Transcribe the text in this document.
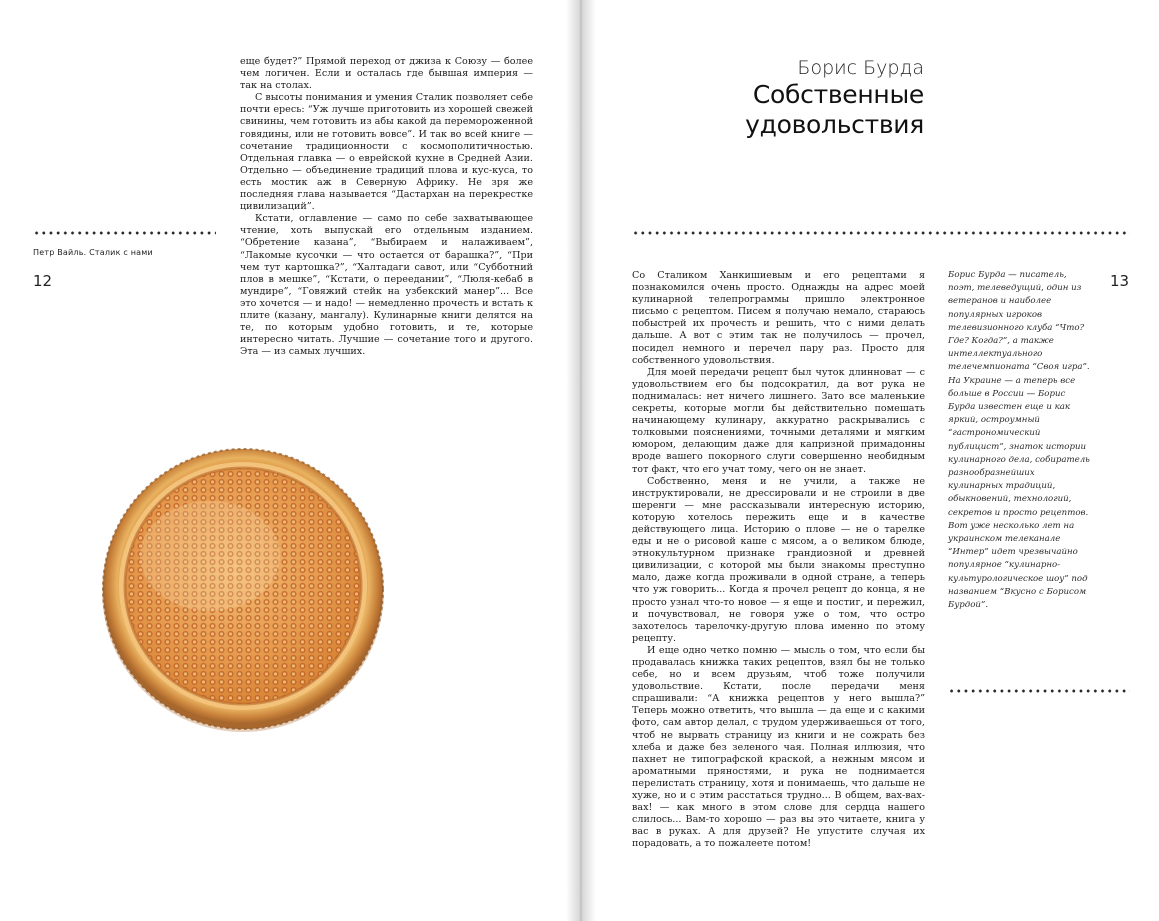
еще будет?” Прямой переход от джиза к Союзу — более чем логичен. Если и осталась где бывшая империя — так на столах.

С высоты понимания и умения Сталик позволяет себе почти ересь: “Уж лучше приготовить из хорошей свежей свинины, чем готовить из абы какой да перемороженной говядины, или не готовить вовсе”. И так во всей книге — сочетание традиционности с космополитичностью. Отдельная главка — о еврейской кухне в Средней Азии. Отдельно — объединение традиций плова и кус-куса, то есть мостик аж в Северную Африку. Не зря же последняя глава называется “Дастархан на перекрестке цивилизаций”.

Кстати, оглавление — само по себе захватывающее чтение, хоть выпускай его отдельным изданием. “Обретение казана”, “Выбираем и налаживаем”, “Лакомые кусочки — что остается от барашка?”, “При чем тут картошка?”, “Халтадаги савот, или “Субботний плов в мешке”, “Кстати, о переедании”, “Люля-кебаб в мундире”, “Говяжий стейк на узбекский манер”... Все это хочется — и надо! — немедленно прочесть и встать к плите (казану, мангалу). Кулинарные книги делятся на те, по которым удобно готовить, и те, которые интересно читать. Лучшие — сочетание того и другого. Эта — из самых лучших.

Петр Вайль. Сталик с нами
12
Борис Бурда
Собственные
удовольствия

Со Сталиком Ханкишиевым и его рецептами я познакомился очень просто. Однажды на адрес моей кулинарной телепрограммы пришло электронное письмо с рецептом. Писем я получаю немало, стараюсь побыстрей их прочесть и решить, что с ними делать дальше. А вот с этим так не получилось — прочел, посидел немного и перечел пару раз. Просто для собственного удовольствия.

Для моей передачи рецепт был чуток длинноват — с удовольствием его бы подсократил, да вот рука не поднималась: нет ничего лишнего. Зато все маленькие секреты, которые могли бы действительно помешать начинающему кулинару, аккуратно раскрывались с толковыми пояснениями, точными деталями и мягким юмором, делающим даже для капризной примадонны вроде вашего покорного слуги совершенно необидным тот факт, что его учат тому, чего он не знает.

Собственно, меня и не учили, а также не инструктировали, не дрессировали и не строили в две шеренги — мне рассказывали интересную историю, которую хотелось пережить еще и в качестве действующего лица. Историю о плове — не о тарелке еды и не о рисовой каше с мясом, а о великом блюде, этнокультурном признаке грандиозной и древней цивилизации, с которой мы были знакомы преступно мало, даже когда проживали в одной стране, а теперь что уж говорить... Когда я прочел рецепт до конца, я не просто узнал что-то новое — я еще и постиг, и пережил, и почувствовал, не говоря уже о том, что остро захотелось тарелочку-другую плова именно по этому рецепту.

И еще одно четко помню — мысль о том, что если бы продавалась книжка таких рецептов, взял бы не только себе, но и всем друзьям, чтоб тоже получили удовольствие. Кстати, после передачи меня спрашивали: “А книжка рецептов у него вышла?” Теперь можно ответить, что вышла — да еще и с какими фото, сам автор делал, с трудом удерживаешься от того, чтоб не вырвать страницу из книги и не сожрать без хлеба и даже без зеленого чая. Полная иллюзия, что пахнет не типографской краской, а нежным мясом и ароматными пряностями, и рука не поднимается перелистать страницу, хотя и понимаешь, что дальше не хуже, но и с этим расстаться трудно... В общем, вах-вах-вах! — как много в этом слове для сердца нашего слилось... Вам-то хорошо — раз вы это читаете, книга у вас в руках. А для друзей? Не упустите случая их порадовать, а то пожалеете потом!

Борис Бурда — писатель, поэт, телеведущий, один из ветеранов и наиболее популярных игроков телевизионного клуба “Что? Где? Когда?”, а также интеллектуального телечемпионата “Своя игра”. На Украине — а теперь все больше в России — Борис Бурда известен еще и как яркий, остроумный “гастрономический публицист”, знаток истории кулинарного дела, собиратель разнообразнейших кулинарных традиций, обыкновений, технологий, секретов и просто рецептов. Вот уже несколько лет на украинском телеканале “Интер” идет чрезвычайно популярное “кулинарно-культурологическое шоу” под названием “Вкусно с Борисом Бурдой”.

13
